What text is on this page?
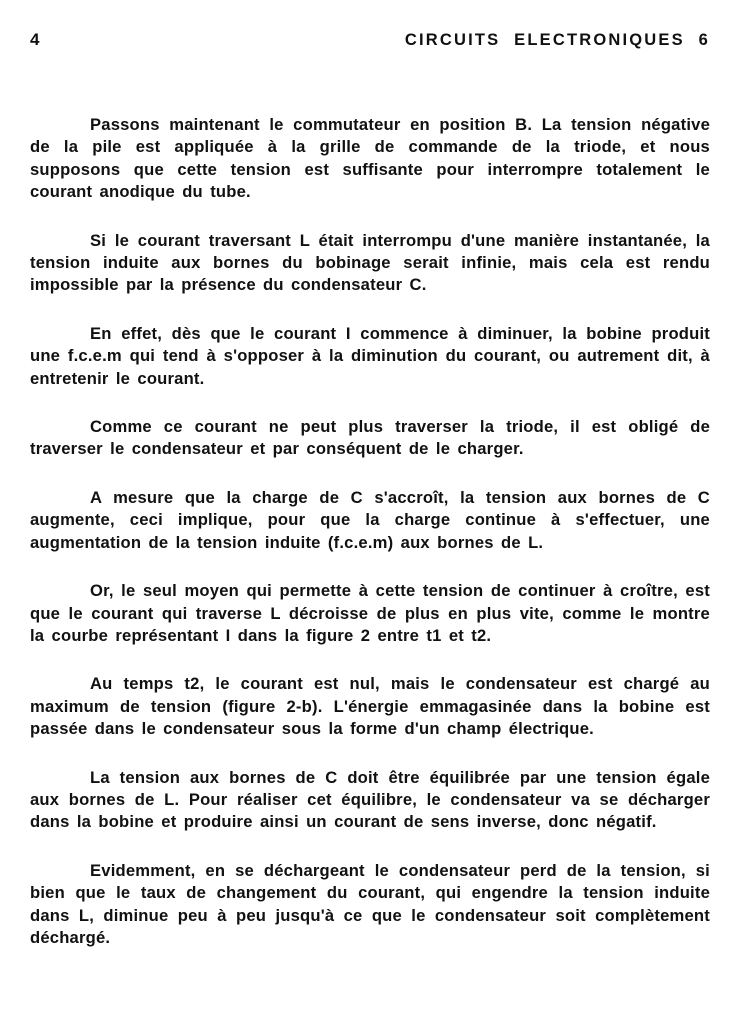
4	CIRCUITS ELECTRONIQUES 6

Passons maintenant le commutateur en position B. La tension négative de la pile est appliquée à la grille de commande de la triode, et nous supposons que cette tension est suffisante pour interrompre totalement le courant anodique du tube.

Si le courant traversant L était interrompu d'une manière instantanée, la tension induite aux bornes du bobinage serait infinie, mais cela est rendu impossible par la présence du condensateur C.

En effet, dès que le courant I commence à diminuer, la bobine produit une f.c.e.m qui tend à s'opposer à la diminution du courant, ou autrement dit, à entretenir le courant.

Comme ce courant ne peut plus traverser la triode, il est obligé de traverser le condensateur et par conséquent de le charger.

A mesure que la charge de C s'accroît, la tension aux bornes de C augmente, ceci implique, pour que la charge continue à s'effectuer, une augmentation de la tension induite (f.c.e.m) aux bornes de L.

Or, le seul moyen qui permette à cette tension de continuer à croître, est que le courant qui traverse L décroisse de plus en plus vite, comme le montre la courbe représentant I dans la figure 2 entre t1 et t2.

Au temps t2, le courant est nul, mais le condensateur est chargé au maximum de tension (figure 2-b). L'énergie emmagasinée dans la bobine est passée dans le condensateur sous la forme d'un champ électrique.

La tension aux bornes de C doit être équilibrée par une tension égale aux bornes de L. Pour réaliser cet équilibre, le condensateur va se décharger dans la bobine et produire ainsi un courant de sens inverse, donc négatif.

Evidemment, en se déchargeant le condensateur perd de la tension, si bien que le taux de changement du courant, qui engendre la tension induite dans L, diminue peu à peu jusqu'à ce que le condensateur soit complètement déchargé.
